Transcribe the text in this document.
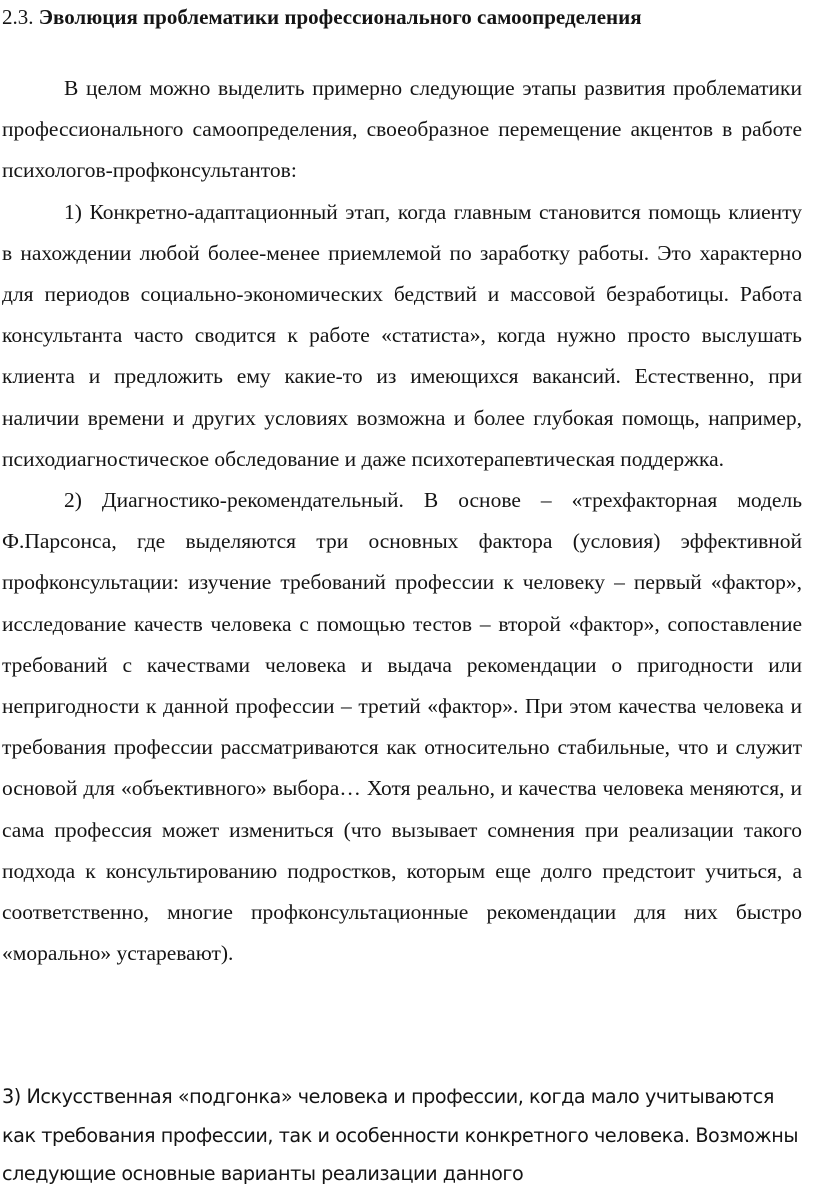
2.3. Эволюция проблематики профессионального самоопределения

В целом можно выделить примерно следующие этапы развития проблематики профессионального самоопределения, своеобразное перемещение акцентов в работе психологов-профконсультантов:

1) Конкретно-адаптационный этап, когда главным становится помощь клиенту в нахождении любой более-менее приемлемой по заработку работы. Это характерно для периодов социально-экономических бедствий и массовой безработицы. Работа консультанта часто сводится к работе «статиста», когда нужно просто выслушать клиента и предложить ему какие-то из имеющихся вакансий. Естественно, при наличии времени и других условиях возможна и более глубокая помощь, например, психодиагностическое обследование и даже психотерапевтическая поддержка.

2) Диагностико-рекомендательный. В основе – «трехфакторная модель Ф.Парсонса, где выделяются три основных фактора (условия) эффективной профконсультации: изучение требований профессии к человеку – первый «фактор», исследование качеств человека с помощью тестов – второй «фактор», сопоставление требований с качествами человека и выдача рекомендации о пригодности или непригодности к данной профессии – третий «фактор». При этом качества человека и требования профессии рассматриваются как относительно стабильные, что и служит основой для «объективного» выбора… Хотя реально, и качества человека меняются, и сама профессия может измениться (что вызывает сомнения при реализации такого подхода к консультированию подростков, которым еще долго предстоит учиться, а соответственно, многие профконсультационные рекомендации для них быстро «морально» устаревают).

3) Искусственная «подгонка» человека и профессии, когда мало учитываются как требования профессии, так и особенности конкретного человека. Возможны следующие основные варианты реализации данного
